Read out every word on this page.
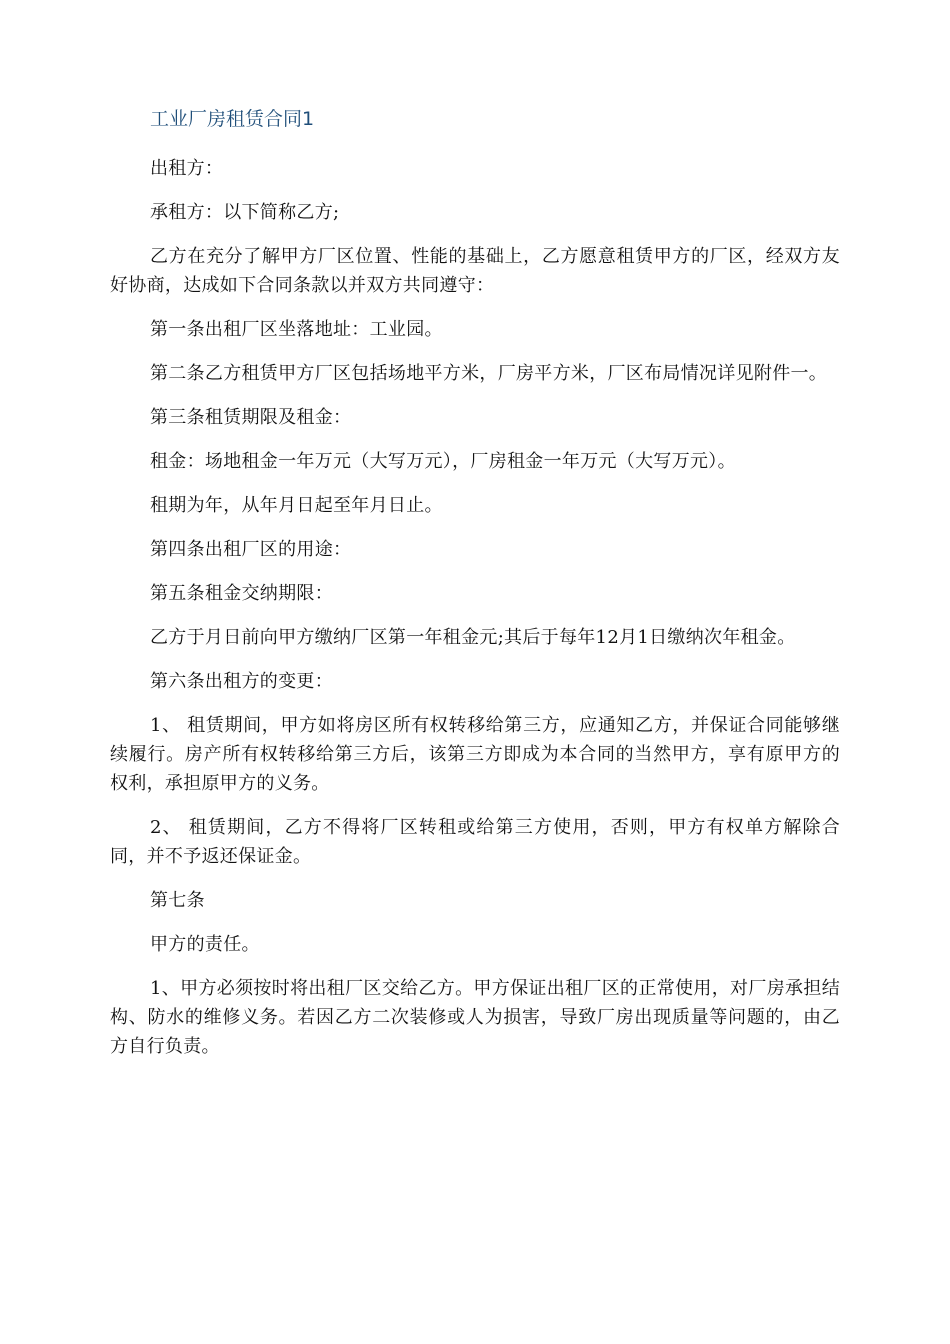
工业厂房租赁合同1

出租方：

承租方：以下简称乙方;

乙方在充分了解甲方厂区位置、性能的基础上，乙方愿意租赁甲方的厂区，经双方友好协商，达成如下合同条款以并双方共同遵守：

第一条出租厂区坐落地址：工业园。

第二条乙方租赁甲方厂区包括场地平方米，厂房平方米，厂区布局情况详见附件一。

第三条租赁期限及租金：

租金：场地租金一年万元（大写万元），厂房租金一年万元（大写万元）。

租期为年，从年月日起至年月日止。

第四条出租厂区的用途：

第五条租金交纳期限：

乙方于月日前向甲方缴纳厂区第一年租金元;其后于每年12月1日缴纳次年租金。

第六条出租方的变更：

1、 租赁期间，甲方如将房区所有权转移给第三方，应通知乙方，并保证合同能够继续履行。房产所有权转移给第三方后，该第三方即成为本合同的当然甲方，享有原甲方的权利，承担原甲方的义务。

2、 租赁期间，乙方不得将厂区转租或给第三方使用，否则，甲方有权单方解除合同，并不予返还保证金。

第七条

甲方的责任。

1、甲方必须按时将出租厂区交给乙方。甲方保证出租厂区的正常使用，对厂房承担结构、防水的维修义务。若因乙方二次装修或人为损害，导致厂房出现质量等问题的，由乙方自行负责。
